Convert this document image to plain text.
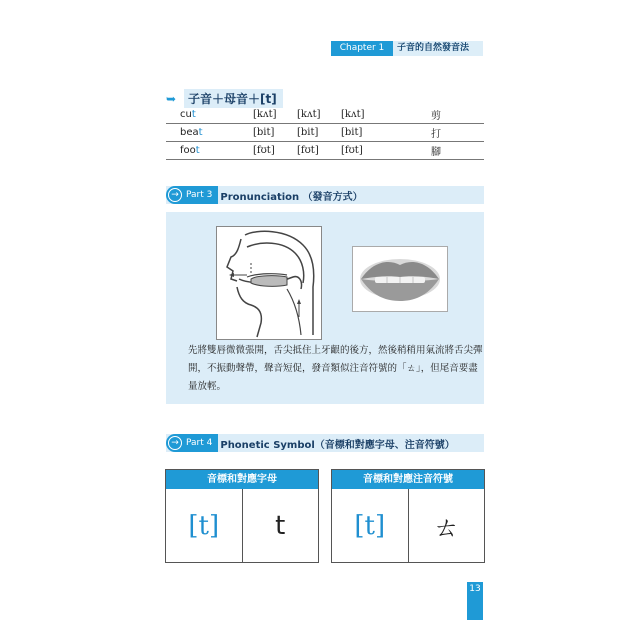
Chapter 1	子音的自然發音法
➥ 子音＋母音＋[t]
cut	[kʌt]	[kʌt]	[kʌt]	剪
beat	[bit]	[bit]	[bit]	打
foot	[fʊt]	[fʊt]	[fʊt]	腳
→ Part 3 Pronunciation （發音方式）
先將雙唇微微張開，舌尖抵住上牙齦的後方，然後稍稍用氣流將舌尖彈開，不振動聲帶，聲音短促，發音類似注音符號的「ㄊ」，但尾音要盡量放輕。
→ Part 4 Phonetic Symbol（音標和對應字母、注音符號）
音標和對應字母
[t]	t
音標和對應注音符號
[t]	ㄊ
13
